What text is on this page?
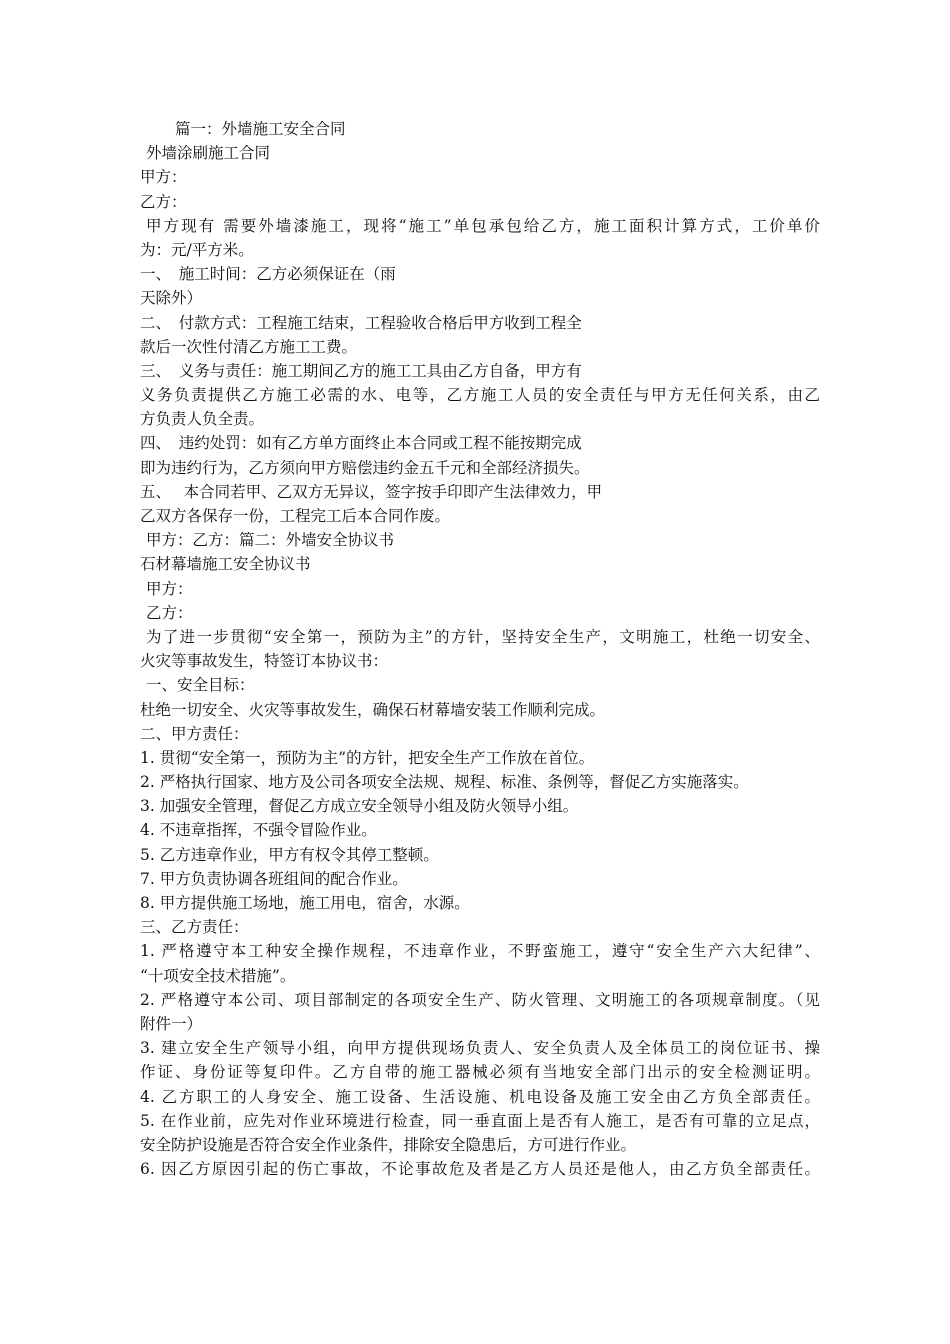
篇一：外墙施工安全合同
外墙涂刷施工合同
甲方：
乙方：
甲方现有 需要外墙漆施工，现将“施工”单包承包给乙方，施工面积计算方式，工价单价
为：元/平方米。
一、　施工时间：乙方必须保证在（雨
天除外）
二、　付款方式：工程施工结束，工程验收合格后甲方收到工程全
款后一次性付清乙方施工工费。
三、　义务与责任：施工期间乙方的施工工具由乙方自备，甲方有
义务负责提供乙方施工必需的水、电等，乙方施工人员的安全责任与甲方无任何关系，由乙
方负责人负全责。
四、　违约处罚：如有乙方单方面终止本合同或工程不能按期完成
即为违约行为，乙方须向甲方赔偿违约金五千元和全部经济损失。
五、　 本合同若甲、乙双方无异议，签字按手印即产生法律效力，甲
乙双方各保存一份，工程完工后本合同作废。
甲方：乙方：篇二：外墙安全协议书
石材幕墙施工安全协议书
甲方：
乙方：
为了进一步贯彻“安全第一，预防为主”的方针，坚持安全生产，文明施工，杜绝一切安全、
火灾等事故发生，特签订本协议书：
一、安全目标：
杜绝一切安全、火灾等事故发生，确保石材幕墙安装工作顺利完成。
二、甲方责任：
1. 贯彻“安全第一，预防为主”的方针，把安全生产工作放在首位。
2. 严格执行国家、地方及公司各项安全法规、规程、标准、条例等，督促乙方实施落实。
3. 加强安全管理，督促乙方成立安全领导小组及防火领导小组。
4. 不违章指挥，不强令冒险作业。
5. 乙方违章作业，甲方有权令其停工整顿。
7. 甲方负责协调各班组间的配合作业。
8. 甲方提供施工场地，施工用电，宿舍，水源。
三、乙方责任：
1. 严格遵守本工种安全操作规程，不违章作业，不野蛮施工，遵守“安全生产六大纪律”、
“十项安全技术措施”。
2. 严格遵守本公司、项目部制定的各项安全生产、防火管理、文明施工的各项规章制度。（见
附件一）
3. 建立安全生产领导小组，向甲方提供现场负责人、安全负责人及全体员工的岗位证书、操
作证、身份证等复印件。乙方自带的施工器械必须有当地安全部门出示的安全检测证明。
4. 乙方职工的人身安全、施工设备、生活设施、机电设备及施工安全由乙方负全部责任。
5. 在作业前，应先对作业环境进行检查，同一垂直面上是否有人施工，是否有可靠的立足点，
安全防护设施是否符合安全作业条件，排除安全隐患后，方可进行作业。
6. 因乙方原因引起的伤亡事故，不论事故危及者是乙方人员还是他人，由乙方负全部责任。
